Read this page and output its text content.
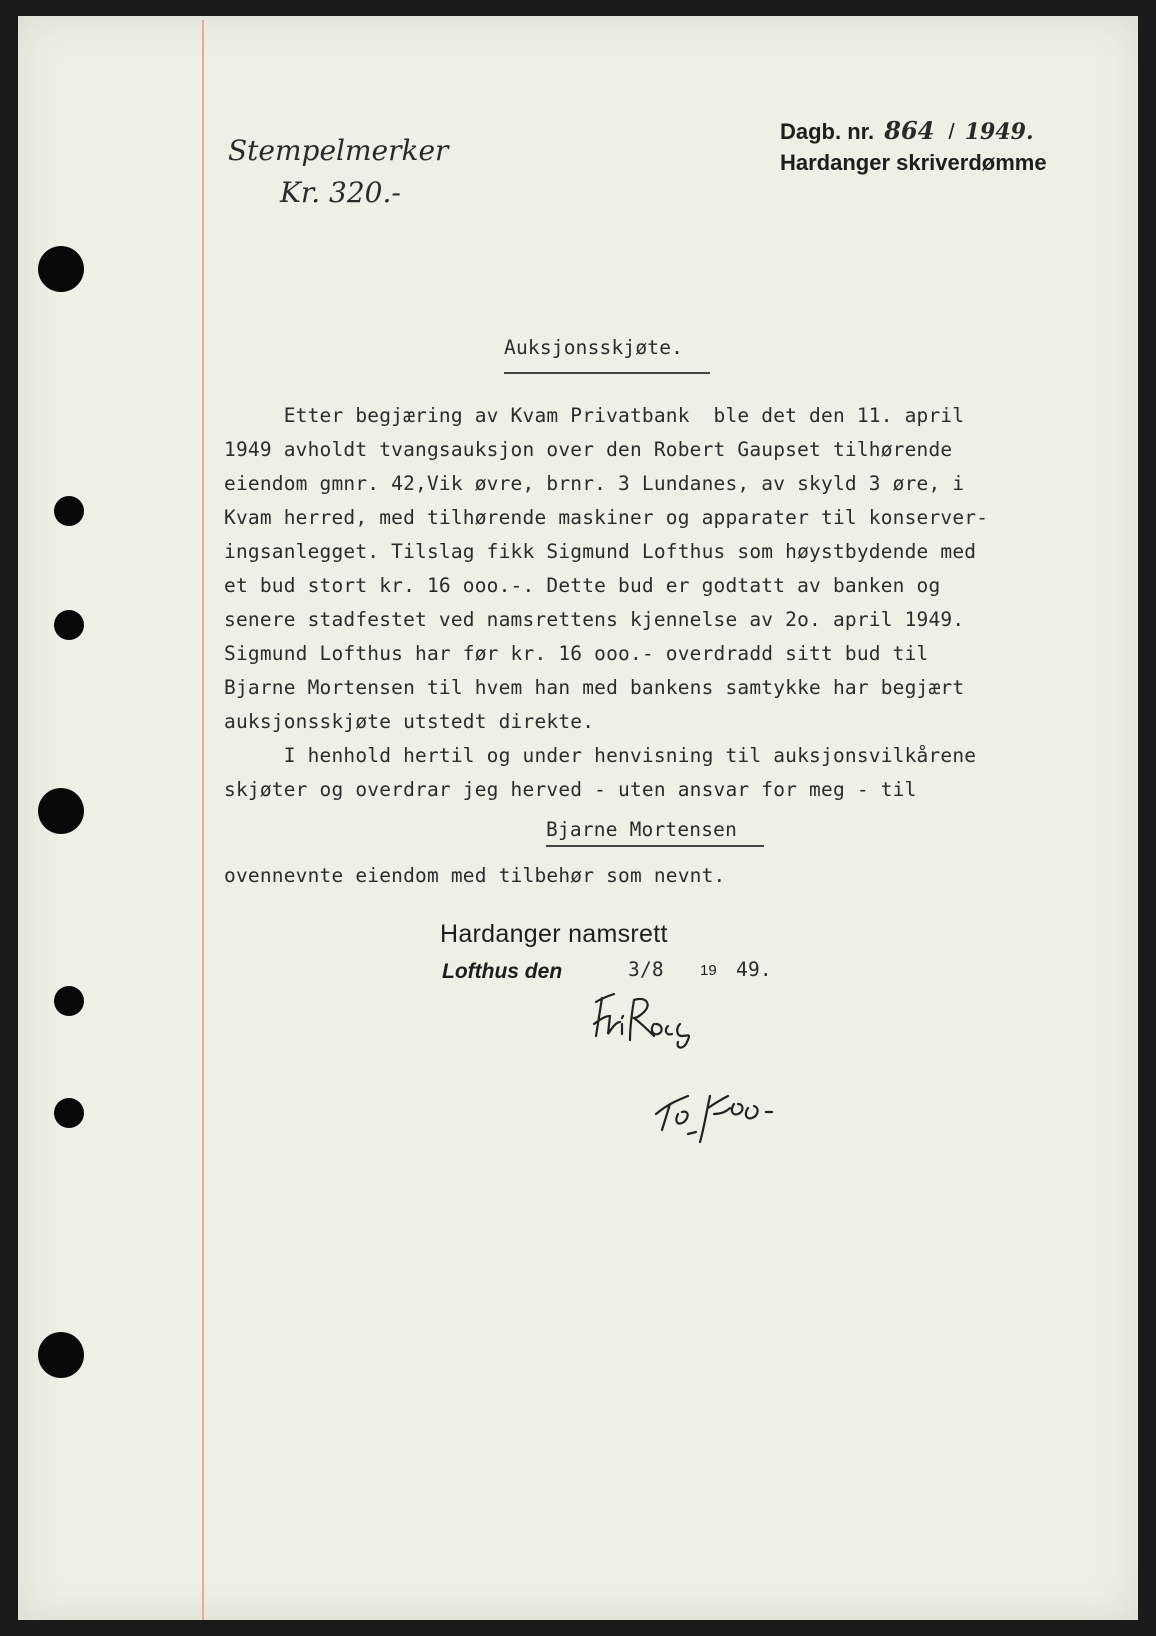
Stempelmerker
Kr. 320.-
Dagb. nr. 864 / 1949.
Hardanger skriverdømme
Auksjonsskjøte.
Etter begjæring av Kvam Privatbank  ble det den 11. april
1949 avholdt tvangsauksjon over den Robert Gaupset tilhørende
eiendom gmnr. 42,Vik øvre, brnr. 3 Lundanes, av skyld 3 øre, i
Kvam herred, med tilhørende maskiner og apparater til konserver-
ingsanlegget. Tilslag fikk Sigmund Lofthus som høystbydende med
et bud stort kr. 16 ooo.-. Dette bud er godtatt av banken og
senere stadfestet ved namsrettens kjennelse av 2o. april 1949.
Sigmund Lofthus har før kr. 16 ooo.- overdradd sitt bud til
Bjarne Mortensen til hvem han med bankens samtykke har begjært
auksjonsskjøte utstedt direkte.
I henhold hertil og under henvisning til auksjonsvilkårene
skjøter og overdrar jeg herved - uten ansvar for meg - til
Bjarne Mortensen
ovennevnte eiendom med tilbehør som nevnt.
Hardanger namsrett
Lofthus den	3/8 19 49.
